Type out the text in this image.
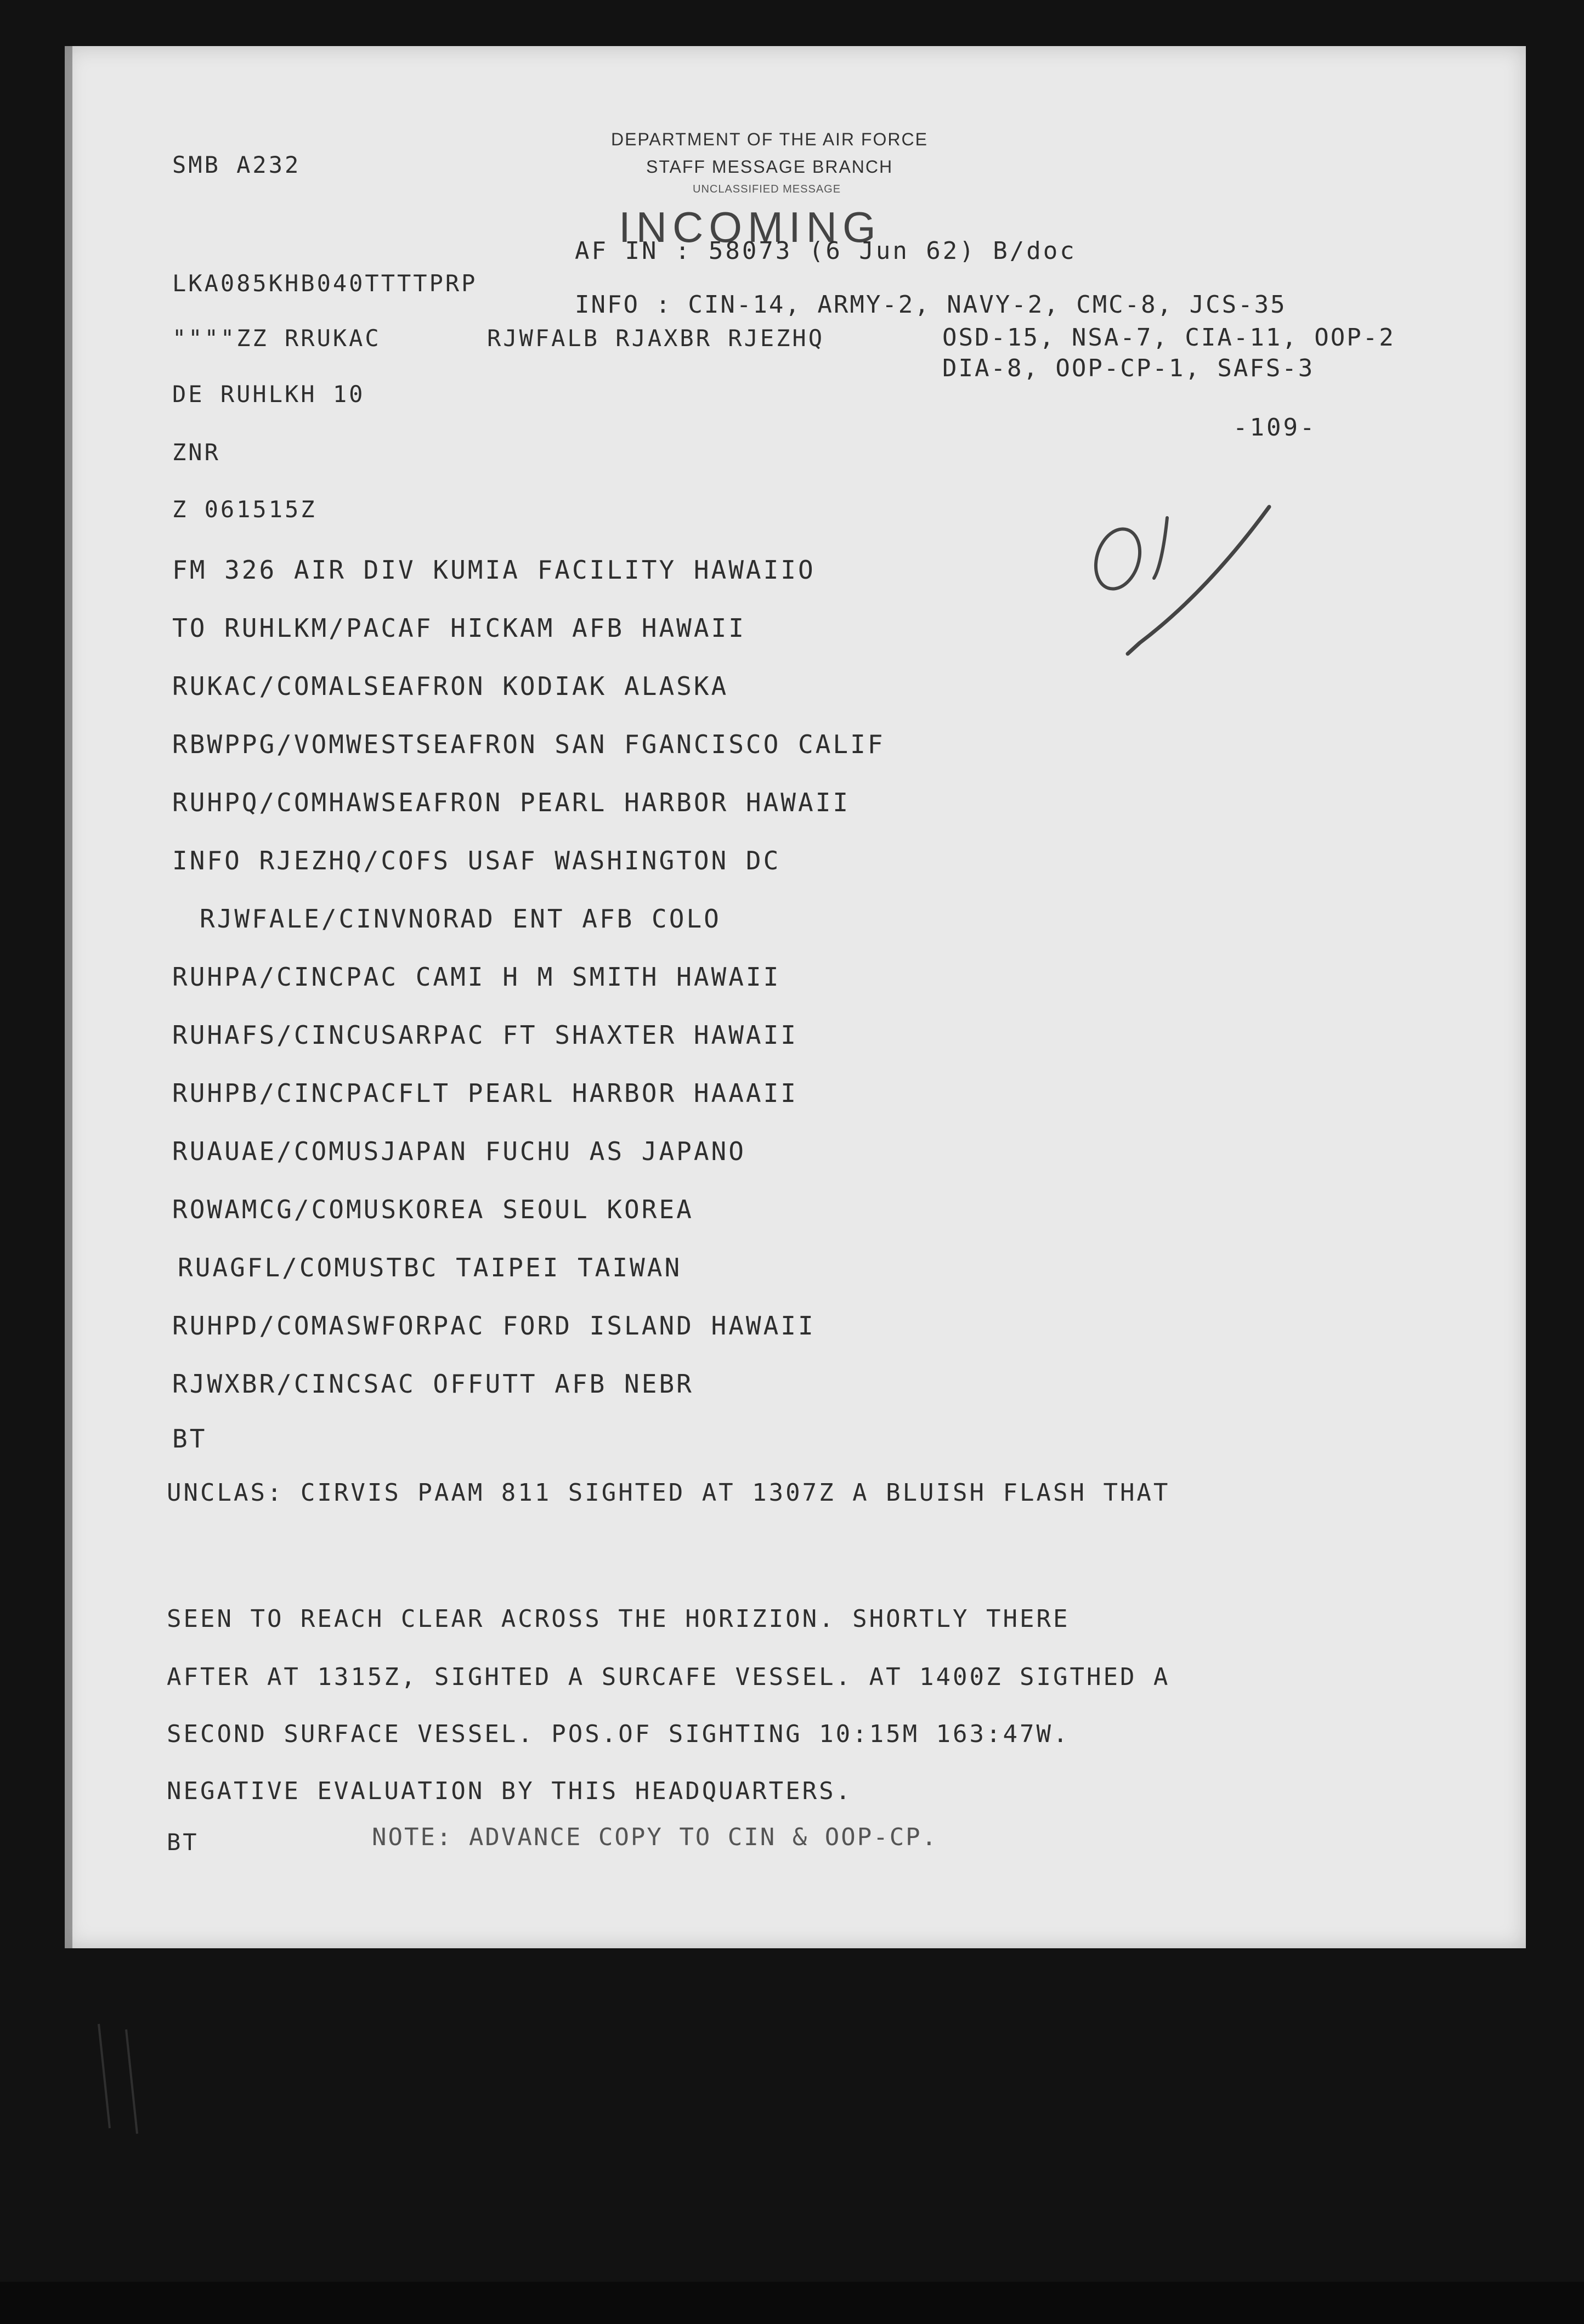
SMB A232
DEPARTMENT OF THE AIR FORCE
STAFF MESSAGE BRANCH
UNCLASSIFIED MESSAGE
INCOMING
AF IN : 58073 (6 Jun 62) B/doc
LKA085KHB040TTTTPRP
""""ZZ RRUKAC	RJWFALB RJAXBR RJEZHQ
DE RUHLKH 10
ZNR
Z 061515Z
INFO : CIN-14, ARMY-2, NAVY-2, CMC-8, JCS-35
OSD-15, NSA-7, CIA-11, OOP-2
DIA-8, OOP-CP-1, SAFS-3
-109-
FM 326 AIR DIV KUMIA FACILITY HAWAIIO
TO RUHLKM/PACAF HICKAM AFB HAWAII
RUKAC/COMALSEAFRON KODIAK ALASKA
RBWPPG/VOMWESTSEAFRON SAN FGANCISCO CALIF
RUHPQ/COMHAWSEAFRON PEARL HARBOR HAWAII
INFO RJEZHQ/COFS USAF WASHINGTON DC
RJWFALE/CINVNORAD ENT AFB COLO
RUHPA/CINCPAC CAMI H M SMITH HAWAII
RUHAFS/CINCUSARPAC FT SHAXTER HAWAII
RUHPB/CINCPACFLT PEARL HARBOR HAAAII
RUAUAE/COMUSJAPAN FUCHU AS JAPANO
ROWAMCG/COMUSKOREA SEOUL KOREA
RUAGFL/COMUSTBC TAIPEI TAIWAN
RUHPD/COMASWFORPAC FORD ISLAND HAWAII
RJWXBR/CINCSAC OFFUTT AFB NEBR
BT
UNCLAS: CIRVIS PAAM 811 SIGHTED AT 1307Z A BLUISH FLASH THAT
SEEN TO REACH CLEAR ACROSS THE HORIZION. SHORTLY THERE
AFTER AT 1315Z, SIGHTED A SURCAFE VESSEL. AT 1400Z SIGTHED A
SECOND SURFACE VESSEL. POS.OF SIGHTING 10:15M 163:47W.
NEGATIVE EVALUATION BY THIS HEADQUARTERS.
BT	NOTE: ADVANCE COPY TO CIN & OOP-CP.
